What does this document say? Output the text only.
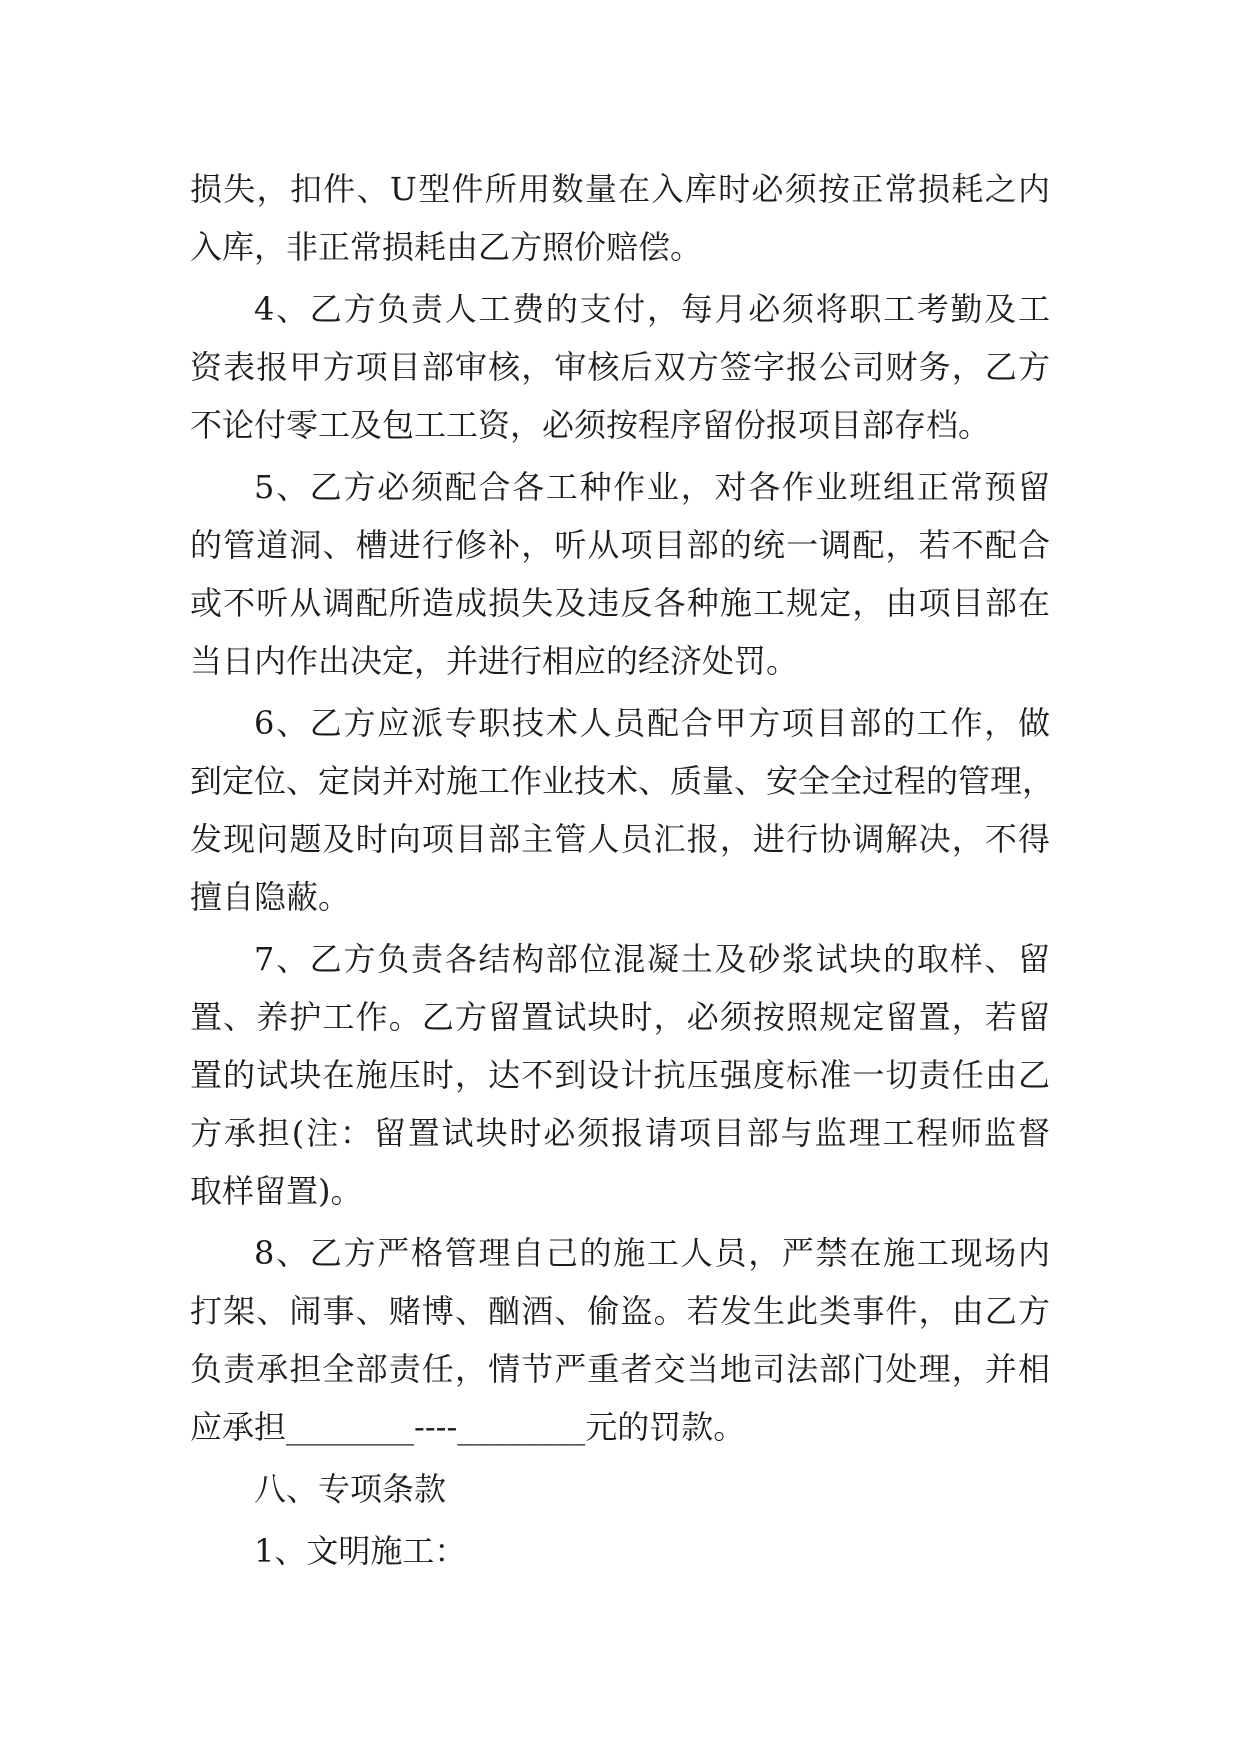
损失，扣件、U型件所用数量在入库时必须按正常损耗之内
入库，非正常损耗由乙方照价赔偿。
4、乙方负责人工费的支付，每月必须将职工考勤及工
资表报甲方项目部审核，审核后双方签字报公司财务，乙方
不论付零工及包工工资，必须按程序留份报项目部存档。
5、乙方必须配合各工种作业，对各作业班组正常预留
的管道洞、槽进行修补，听从项目部的统一调配，若不配合
或不听从调配所造成损失及违反各种施工规定，由项目部在
当日内作出决定，并进行相应的经济处罚。
6、乙方应派专职技术人员配合甲方项目部的工作，做
到定位、定岗并对施工作业技术、质量、安全全过程的管理，
发现问题及时向项目部主管人员汇报，进行协调解决，不得
擅自隐蔽。
7、乙方负责各结构部位混凝土及砂浆试块的取样、留
置、养护工作。乙方留置试块时，必须按照规定留置，若留
置的试块在施压时，达不到设计抗压强度标准一切责任由乙
方承担(注：留置试块时必须报请项目部与监理工程师监督
取样留置)。
8、乙方严格管理自己的施工人员，严禁在施工现场内
打架、闹事、赌博、酗酒、偷盗。若发生此类事件，由乙方
负责承担全部责任，情节严重者交当地司法部门处理，并相
应承担________----________元的罚款。
八、专项条款
1、文明施工：
